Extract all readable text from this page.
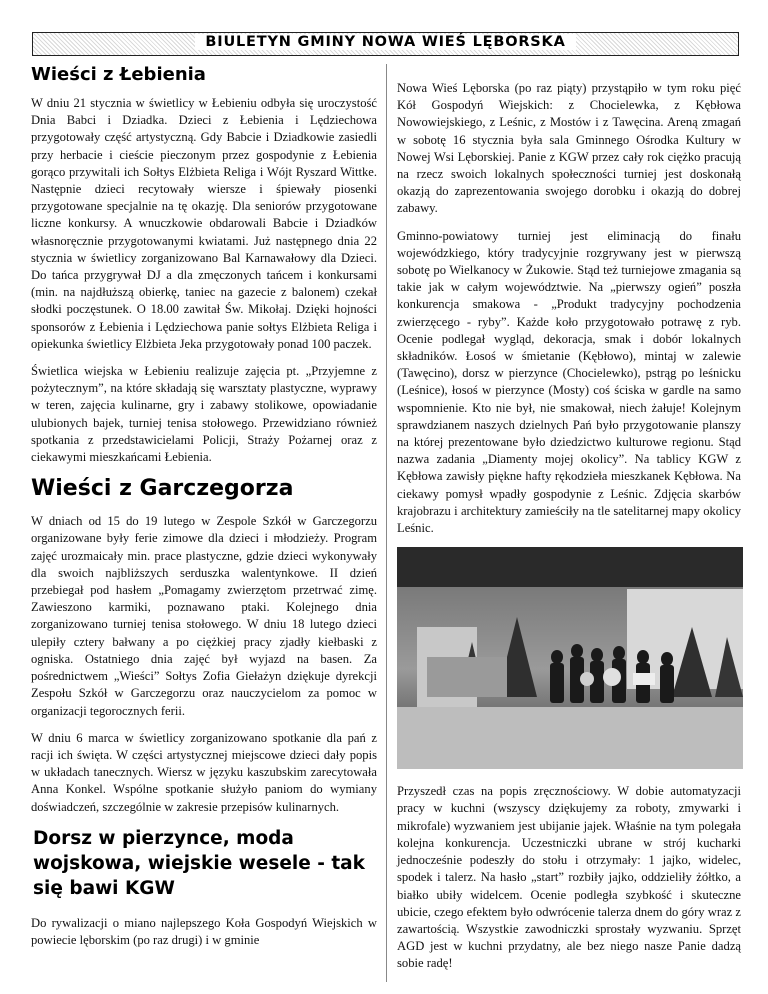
BIULETYN GMINY NOWA WIEŚ LĘBORSKA
Wieści z Łebienia

W dniu 21 stycznia w świetlicy w Łebieniu odbyła się uroczystość Dnia Babci i Dziadka. Dzieci z Łebienia i Lędziechowa przygotowały część artystyczną. Gdy Babcie i Dziadkowie zasiedli przy herbacie i cieście pieczonym przez gospodynie z Łebienia gorąco przywitali ich Sołtys Elżbieta Religa i Wójt Ryszard Wittke. Następnie dzieci recytowały wiersze i śpiewały piosenki przygotowane specjalnie na tę okazję. Dla seniorów przygotowane liczne konkursy. A wnuczkowie obdarowali Babcie i Dziadków własnoręcznie przygotowanymi kwiatami. Już następnego dnia 22 stycznia w świetlicy zorganizowano Bal Karnawałowy dla Dzieci. Do tańca przygrywał DJ a dla zmęczonych tańcem i konkursami (min. na najdłuższą obierkę, taniec na gazecie z balonem) czekał słodki poczęstunek. O 18.00 zawitał Św. Mikołaj. Dzięki hojności sponsorów z Łebienia i Lędziechowa panie sołtys Elżbieta Religa i opiekunka świetlicy Elżbieta Jeka przygotowały ponad 100 paczek.

Świetlica wiejska w Łebieniu realizuje zajęcia pt. „Przyjemne z pożytecznym”, na które składają się warsztaty plastyczne, wyprawy w teren, zajęcia kulinarne, gry i zabawy stolikowe, opowiadanie ulubionych bajek, turniej tenisa stołowego. Przewidziano również spotkania z przedstawicielami Policji, Straży Pożarnej oraz z ciekawymi mieszkańcami Łebienia.

Wieści z Garczegorza

W dniach od 15 do 19 lutego w Zespole Szkół w Garczegorzu organizowane były ferie zimowe dla dzieci i młodzieży. Program zajęć urozmaicały min. prace plastyczne, gdzie dzieci wykonywały dla swoich najbliższych serduszka walentynkowe. II dzień przebiegał pod hasłem „Pomagamy zwierzętom przetrwać zimę. Zawieszono karmiki, poznawano ptaki. Kolejnego dnia zorganizowano turniej tenisa stołowego. W dniu 18 lutego dzieci ulepiły cztery bałwany a po ciężkiej pracy zjadły kiełbaski z ogniska. Ostatniego dnia zajęć był wyjazd na basen. Za pośrednictwem „Wieści” Sołtys Zofia Giełażyn dziękuje dyrekcji Zespołu Szkół w Garczegorzu oraz nauczycielom za pomoc w organizacji tegorocznych ferii.

W dniu 6 marca w świetlicy zorganizowano spotkanie dla pań z racji ich święta. W części artystycznej miejscowe dzieci dały popis w układach tanecznych. Wiersz w języku kaszubskim zarecytowała Anna Konkel. Wspólne spotkanie służyło paniom do wymiany doświadczeń, szczególnie w zakresie przepisów kulinarnych.

Dorsz w pierzynce, moda wojskowa, wiejskie wesele - tak się bawi KGW

Do rywalizacji o miano najlepszego Koła Gospodyń Wiejskich w powiecie lęborskim (po raz drugi) i w gminie

Nowa Wieś Lęborska (po raz piąty) przystąpiło w tym roku pięć Kół Gospodyń Wiejskich: z Chocielewka, z Kębłowa Nowowiejskiego, z Leśnic, z Mostów i z Tawęcina. Areną zmagań w sobotę 16 stycznia była sala Gminnego Ośrodka Kultury w Nowej Wsi Lęborskiej. Panie z KGW przez cały rok ciężko pracują na rzecz swoich lokalnych społeczności turniej jest doskonałą okazją do zaprezentowania swojego dorobku i okazją do dobrej zabawy.

Gminno-powiatowy turniej jest eliminacją do finału wojewódzkiego, który tradycyjnie rozgrywany jest w pierwszą sobotę po Wielkanocy w Żukowie. Stąd też turniejowe zmagania są takie jak w całym województwie. Na „pierwszy ogień” poszła konkurencja smakowa - „Produkt tradycyjny pochodzenia zwierzęcego - ryby”. Każde koło przygotowało potrawę z ryb. Ocenie podlegał wygląd, dekoracja, smak i dobór lokalnych składników. Łosoś w śmietanie (Kębłowo), mintaj w zalewie (Tawęcino), dorsz w pierzynce (Chocielewko), pstrąg po leśnicku (Leśnice), łosoś w pierzynce (Mosty) coś ściska w gardle na samo wspomnienie. Kto nie był, nie smakował, niech żałuje! Kolejnym sprawdzianem naszych dzielnych Pań było przygotowanie planszy na której prezentowane było dziedzictwo kulturowe regionu. Stąd nazwa zadania „Diamenty mojej okolicy”. Na tablicy KGW z Kębłowa zawisły piękne hafty rękodzieła mieszkanek Kębłowa. Na ciekawy pomysł wpadły gospodynie z Leśnic. Zdjęcia skarbów krajobrazu i architektury zamieściły na tle satelitarnej mapy okolicy Leśnic.

Przyszedł czas na popis zręcznościowy. W dobie automatyzacji pracy w kuchni (wszyscy dziękujemy za roboty, zmywarki i mikrofale) wyzwaniem jest ubijanie jajek. Właśnie na tym polegała kolejna konkurencja. Uczestniczki ubrane w strój kucharki jednocześnie podeszły do stołu i otrzymały: 1 jajko, widelec, spodek i talerz. Na hasło „start” rozbiły jajko, oddzieliły żółtko, a białko ubiły widelcem. Ocenie podległa szybkość i skuteczne ubicie, czego efektem było odwrócenie talerza dnem do góry wraz z zawartością. Wszystkie zawodniczki sprostały wyzwaniu. Sprzęt AGD jest w kuchni przydatny, ale bez niego nasze Panie dadzą sobie radę!
